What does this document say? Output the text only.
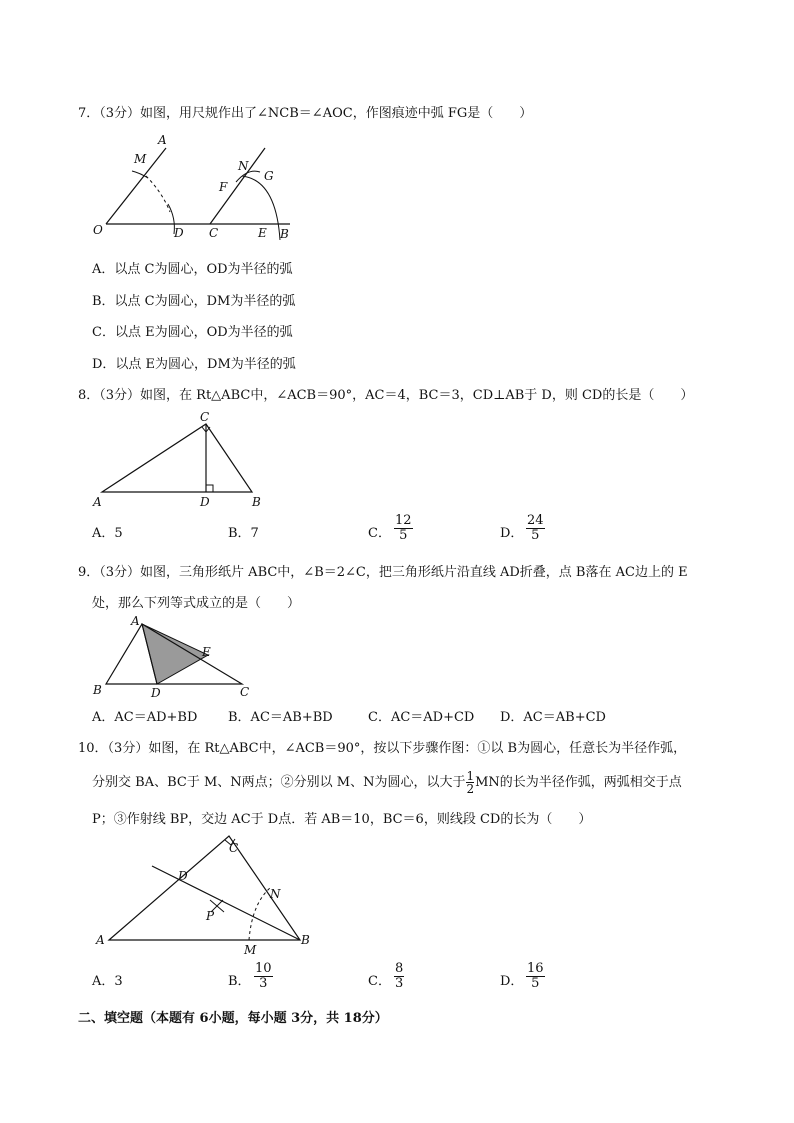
7．（3分）如图，用尺规作出了∠NCB＝∠AOC，作图痕迹中弧 FG是（　　）
A
M
O	D
N
F
G
C	E B
A．以点 C为圆心，OD为半径的弧
B．以点 C为圆心，DM为半径的弧
C．以点 E为圆心，OD为半径的弧
D．以点 E为圆心，DM为半径的弧
8．（3分）如图，在 Rt△ABC中，∠ACB＝90°，AC＝4，BC＝3，CD⊥AB于 D，则 CD的长是（　　）
C
A	D	B
A．5	B．7	C． $\frac{12}{5}$	D． $\frac{24}{5}$
9．（3分）如图，三角形纸片 ABC中，∠B＝2∠C，把三角形纸片沿直线 AD折叠，点 B落在 AC边上的 E
处，那么下列等式成立的是（　　）
A
E
B	D	C
A．AC＝AD+BD B．AC＝AB+BD	C．AC＝AD+CD D．AC＝AB+CD
10．（3分）如图，在 Rt△ABC中，∠ACB＝90°，按以下步骤作图：①以 B为圆心，任意长为半径作弧，
分别交 BA、BC于 M、N两点；②分别以 M、N为圆心，以大于 $\frac{1}{2}$ MN的长为半径作弧，两弧相交于点
P；③作射线 BP，交边 AC于 D点．若 AB＝10，BC＝6，则线段 CD的长为（　　）
C
D
N
P
A
M
B
A．3	B． $\frac{10}{3}$	C． $\frac{8}{3}$	D． $\frac{16}{5}$
二、填空题（本题有 6小题，每小题 3分，共 18分）
